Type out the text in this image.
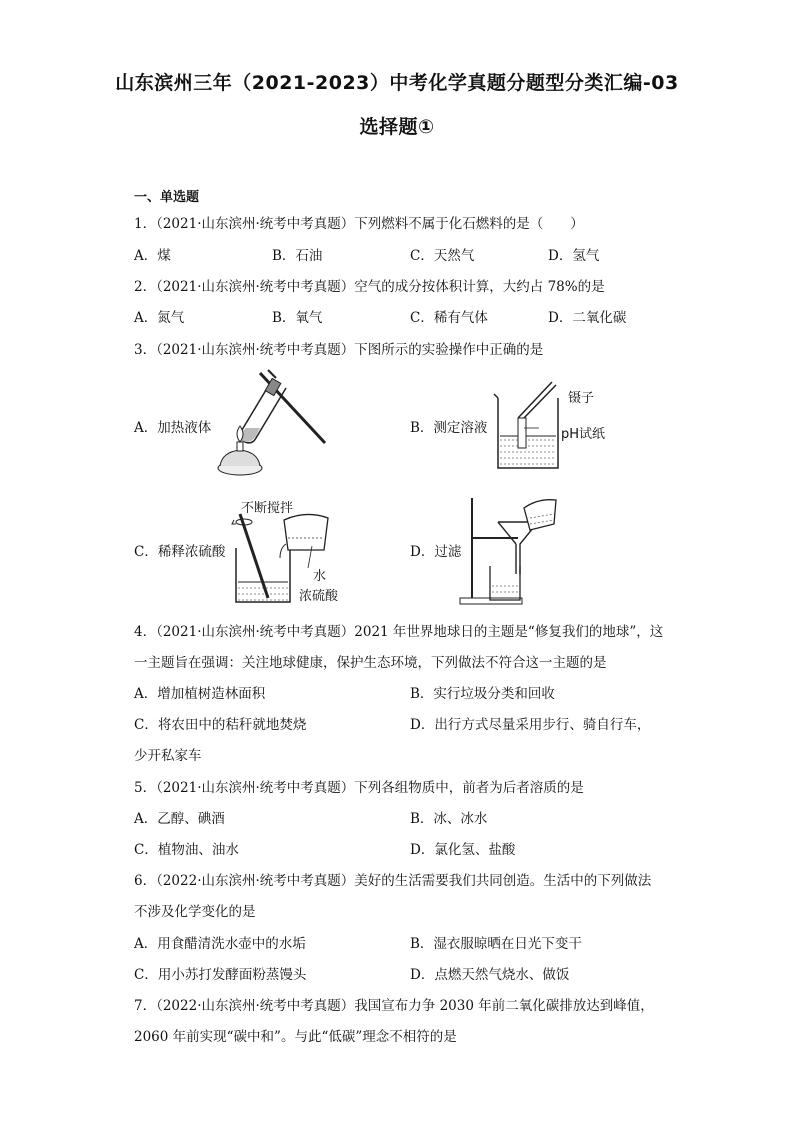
山东滨州三年（2021-2023）中考化学真题分题型分类汇编-03
选择题①
一、单选题
1．（2021·山东滨州·统考中考真题）下列燃料不属于化石燃料的是（　　）
A．煤	B．石油	C．天然气	D．氢气
2．（2021·山东滨州·统考中考真题）空气的成分按体积计算，大约占 78%的是
A．氮气	B．氧气	C．稀有气体	D．二氧化碳
3．（2021·山东滨州·统考中考真题）下图所示的实验操作中正确的是
A．加热液体	B．测定溶液
镊子
pH试纸
C．稀释浓硫酸
不断搅拌
水
浓硫酸
D．过滤
4．（2021·山东滨州·统考中考真题）2021 年世界地球日的主题是“修复我们的地球”，这
一主题旨在强调：关注地球健康，保护生态环境，下列做法不符合这一主题的是
A．增加植树造林面积	B．实行垃圾分类和回收
C．将农田中的秸秆就地焚烧	D．出行方式尽量采用步行、骑自行车，
少开私家车
5．（2021·山东滨州·统考中考真题）下列各组物质中，前者为后者溶质的是
A．乙醇、碘酒	B．冰、冰水
C．植物油、油水	D．氯化氢、盐酸
6．（2022·山东滨州·统考中考真题）美好的生活需要我们共同创造。生活中的下列做法
不涉及化学变化的是
A．用食醋清洗水壶中的水垢	B．湿衣服晾晒在日光下变干
C．用小苏打发酵面粉蒸馒头	D．点燃天然气烧水、做饭
7．（2022·山东滨州·统考中考真题）我国宣布力争 2030 年前二氧化碳排放达到峰值，
2060 年前实现“碳中和”。与此“低碳”理念不相符的是
